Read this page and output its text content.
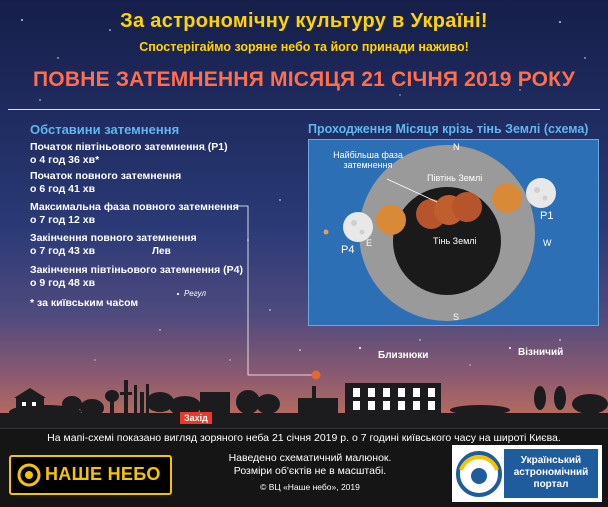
За астрономічну культуру в Україні!
Спостерігаймо зоряне небо та його принади наживо!
ПОВНЕ ЗАТЕМНЕННЯ МІСЯЦЯ 21 СІЧНЯ 2019 РОКУ
Обставини затемнення
Початок півтіньового затемнення (P1)
о 4 год 36 хв*
Початок повного затемнення
о 6 год 41 хв
Максимальна фаза повного затемнення
о 7 год 12 хв
Закінчення повного затемнення
о 7 год 43 хв
Закінчення півтіньового затемнення (P4)
о 9 год 48 хв
* за київським часом
Лев
Регул
Близнюки	Візничий
Проходження Місяця крізь тінь Землі (схема)
Найбільша фаза затемнення
Півтінь Землі
Тінь Землі
N
S
E	W
P1
P4
Захід
На мапі-схемі показано вигляд зоряного неба 21 січня 2019 р. о 7 годині київського часу на широті Києва.
Наведено схематичний малюнок.
Розміри об'єктів не в масштабі.
© ВЦ «Наше небо», 2019
НАШЕ НЕБО
Український
астрономічний
портал
